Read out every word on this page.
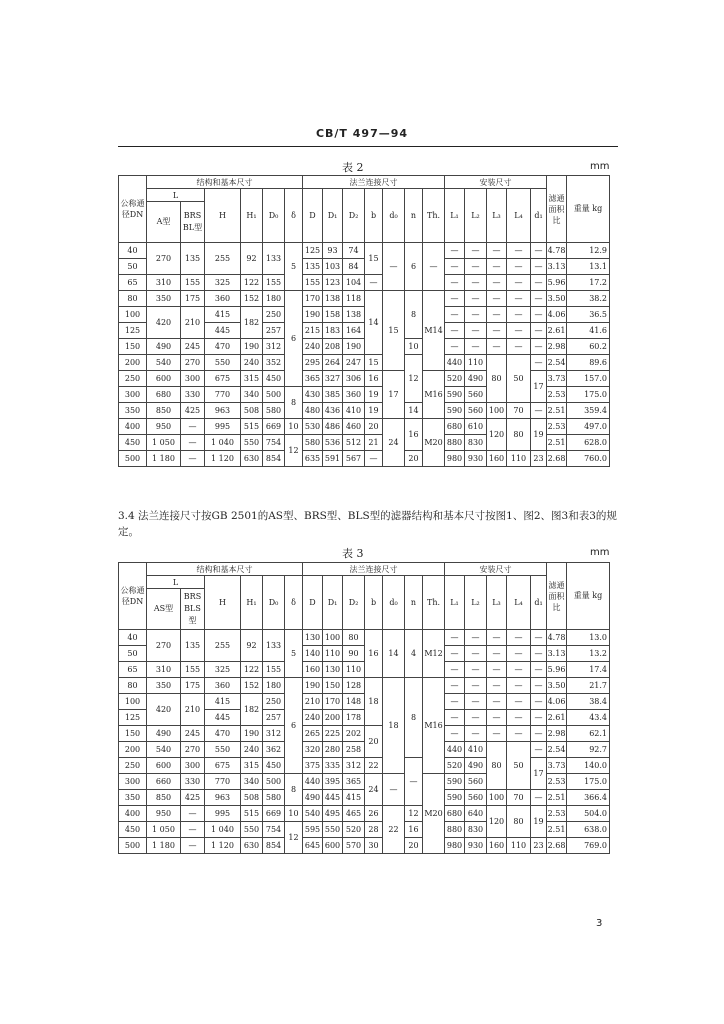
CB/T 497—94
表 2	mm
3.4 法兰连接尺寸按GB 2501的AS型、BRS型、BLS型的滤器结构和基本尺寸按图1、图2、图3和表3的规定。
表 3	mm
3
公称通径DN	结构和基本尺寸						法兰连接尺寸							安装尺寸					滤通面积比	重量 kg
	L		H	H₁	D₀	δ	D	D₁	D₂	b	d₀	n	Th.	L₁	L₂	L₃	L₄	d₁		
	A型	BRS BL型																		
40	270	135	255	92	133	5	125	93	74	15	—	6	—	—	—	—	—	—	4.78	12.9
50							135	103	84					—	—	—	—	—	3.13	13.1
65	310	155	325	122	155		155	123	104	—				—	—	—	—	—	5.96	17.2
80	350	175	360	152	180	6	170	138	118	14	15	8	M14	—	—	—	—	—	3.50	38.2
100	420	210	415	182	250		190	158	138					—	—	—	—	—	4.06	36.5
125			445		257		215	183	164					—	—	—	—	—	2.61	41.6
150	490	245	470	190	312		240	208	190			10		—	—	—	—	—	2.98	60.2
200	540	270	550	240	352		295	264	247	15		12		440	110	80	50	—	2.54	89.6
250	600	300	675	315	450		365	327	306	16	17		M16	520	490			17	3.73	157.0
300	680	330	770	340	500	8	430	385	360	19				590	560				2.53	175.0
350	850	425	963	508	580		480	436	410	19		14		590	560	100	70	—	2.51	359.4
400	950	—	995	515	669	10	530	486	460	20	24	16	M20	680	610	120	80	19	2.53	497.0
450	1 050	—	1 040	550	754	12	580	536	512	21				880	830				2.51	628.0
500	1 180	—	1 120	630	854		635	591	567	—		20		980	930	160	110	23	2.68	760.0
公称通径DN	结构和基本尺寸						法兰连接尺寸							安装尺寸					滤通面积比	重量 kg
	L		H	H₁	D₀	δ	D	D₁	D₂	b	d₀	n	Th.	L₁	L₂	L₃	L₄	d₁		
	AS型	BRS BLS型																		
40	270	135	255	92	133	5	130	100	80	16	14	4	M12	—	—	—	—	—	4.78	13.0
50							140	110	90					—	—	—	—	—	3.13	13.2
65	310	155	325	122	155		160	130	110					—	—	—	—	—	5.96	17.4
80	350	175	360	152	180	6	190	150	128	18	18	8	M16	—	—	—	—	—	3.50	21.7
100	420	210	415	182	250		210	170	148					—	—	—	—	—	4.06	38.4
125			445		257		240	200	178					—	—	—	—	—	2.61	43.4
150	490	245	470	190	312		265	225	202	20				—	—	—	—	—	2.98	62.1
200	540	270	550	240	362		320	280	258					440	410	80	50	—	2.54	92.7
250	600	300	675	315	450		375	335	312	22		—		520	490			17	3.73	140.0
300	660	330	770	340	500	8	440	395	365	24	—		M20	590	560				2.53	175.0
350	850	425	963	508	580		490	445	415					590	560	100	70	—	2.51	366.4
400	950	—	995	515	669	10	540	495	465	26	22	12		680	640	120	80	19	2.53	504.0
450	1 050	—	1 040	550	754	12	595	550	520	28		16		880	830				2.51	638.0
500	1 180	—	1 120	630	854		645	600	570	30		20		980	930	160	110	23	2.68	769.0
